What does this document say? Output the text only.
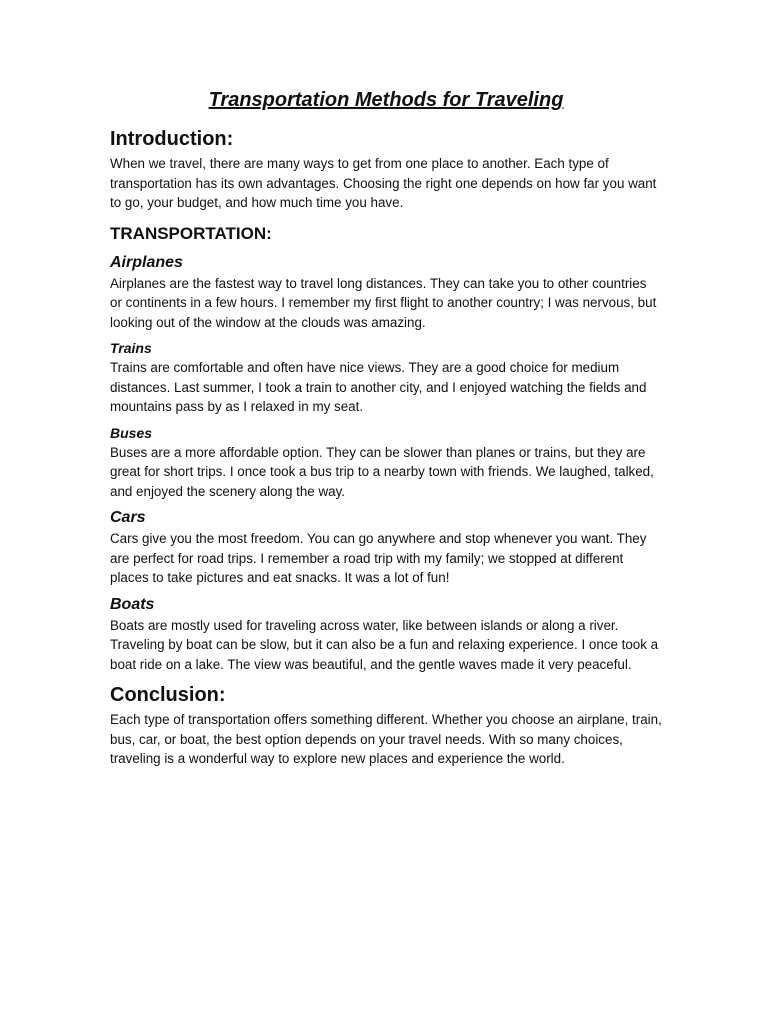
Transportation Methods for Traveling
Introduction:
When we travel, there are many ways to get from one place to another. Each type of transportation has its own advantages. Choosing the right one depends on how far you want to go, your budget, and how much time you have.
TRANSPORTATION:
Airplanes
Airplanes are the fastest way to travel long distances. They can take you to other countries or continents in a few hours. I remember my first flight to another country; I was nervous, but looking out of the window at the clouds was amazing.
Trains
Trains are comfortable and often have nice views. They are a good choice for medium distances. Last summer, I took a train to another city, and I enjoyed watching the fields and mountains pass by as I relaxed in my seat.
Buses
Buses are a more affordable option. They can be slower than planes or trains, but they are great for short trips. I once took a bus trip to a nearby town with friends. We laughed, talked, and enjoyed the scenery along the way.
Cars
Cars give you the most freedom. You can go anywhere and stop whenever you want. They are perfect for road trips. I remember a road trip with my family; we stopped at different places to take pictures and eat snacks. It was a lot of fun!
Boats
Boats are mostly used for traveling across water, like between islands or along a river. Traveling by boat can be slow, but it can also be a fun and relaxing experience. I once took a boat ride on a lake. The view was beautiful, and the gentle waves made it very peaceful.
Conclusion:
Each type of transportation offers something different. Whether you choose an airplane, train, bus, car, or boat, the best option depends on your travel needs. With so many choices, traveling is a wonderful way to explore new places and experience the world.
